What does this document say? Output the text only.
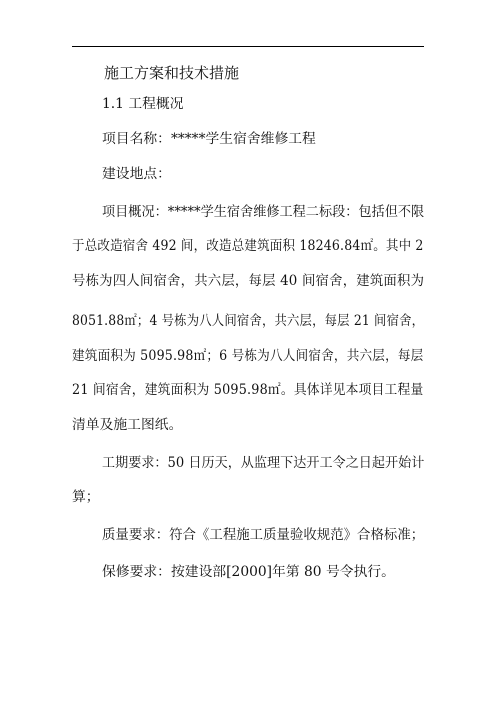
施工方案和技术措施
1.1 工程概况
项目名称：*****学生宿舍维修工程
建设地点：
项目概况：*****学生宿舍维修工程二标段：包括但不限
于总改造宿舍 492 间，改造总建筑面积 18246.84㎡。其中 2
号栋为四人间宿舍，共六层，每层 40 间宿舍，建筑面积为
8051.88㎡；4 号栋为八人间宿舍，共六层，每层 21 间宿舍，
建筑面积为 5095.98㎡；6 号栋为八人间宿舍，共六层，每层
21 间宿舍，建筑面积为 5095.98㎡。具体详见本项目工程量
清单及施工图纸。
工期要求：50 日历天，从监理下达开工令之日起开始计
算；
质量要求：符合《工程施工质量验收规范》合格标准；
保修要求：按建设部[2000]年第 80 号令执行。
